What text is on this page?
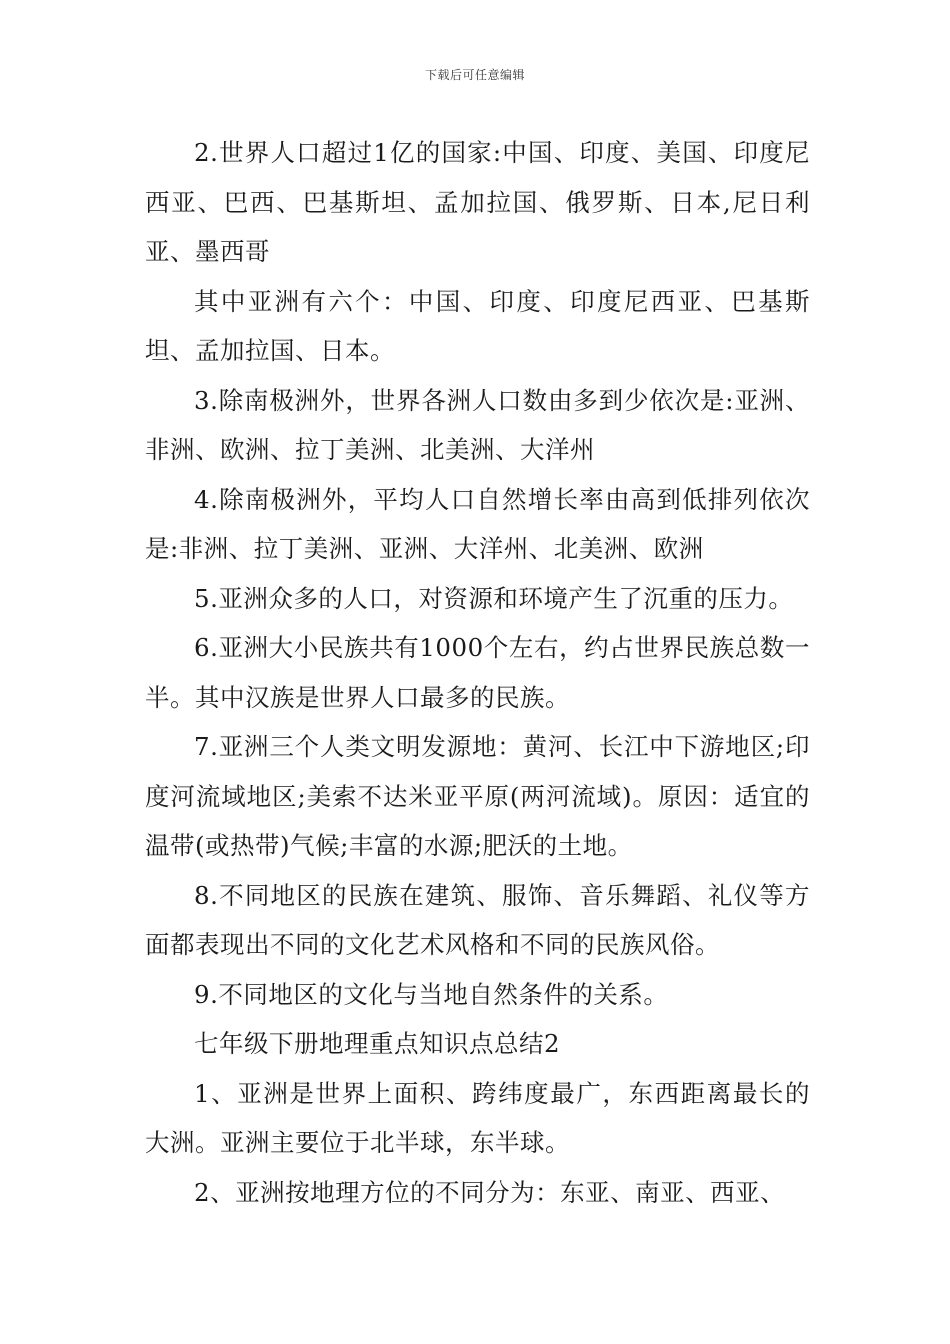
下载后可任意编辑

2.世界人口超过1亿的国家:中国、印度、美国、印度尼西亚、巴西、巴基斯坦、孟加拉国、俄罗斯、日本,尼日利亚、墨西哥

其中亚洲有六个：中国、印度、印度尼西亚、巴基斯坦、孟加拉国、日本。

3.除南极洲外，世界各洲人口数由多到少依次是:亚洲、非洲、欧洲、拉丁美洲、北美洲、大洋州

4.除南极洲外，平均人口自然增长率由高到低排列依次是:非洲、拉丁美洲、亚洲、大洋州、北美洲、欧洲

5.亚洲众多的人口，对资源和环境产生了沉重的压力。

6.亚洲大小民族共有1000个左右，约占世界民族总数一半。其中汉族是世界人口最多的民族。

7.亚洲三个人类文明发源地：黄河、长江中下游地区;印度河流域地区;美索不达米亚平原(两河流域)。原因：适宜的温带(或热带)气候;丰富的水源;肥沃的土地。

8.不同地区的民族在建筑、服饰、音乐舞蹈、礼仪等方面都表现出不同的文化艺术风格和不同的民族风俗。

9.不同地区的文化与当地自然条件的关系。

七年级下册地理重点知识点总结2

1、亚洲是世界上面积、跨纬度最广，东西距离最长的大洲。亚洲主要位于北半球，东半球。

2、亚洲按地理方位的不同分为：东亚、南亚、西亚、
